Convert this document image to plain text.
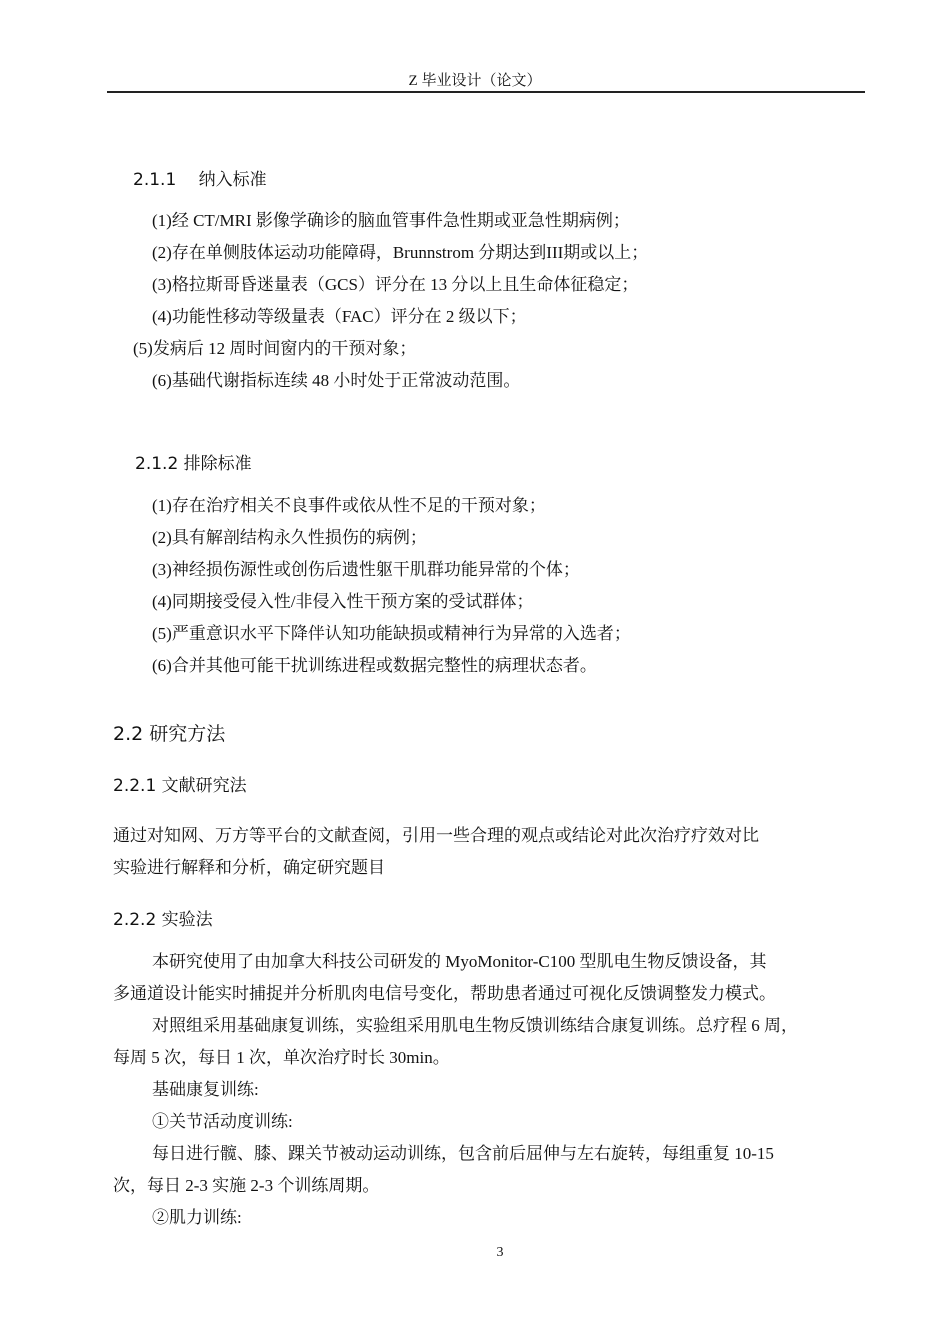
Z 毕业设计（论文）
2.1.1　 纳入标准
(1)经 CT/MRI 影像学确诊的脑血管事件急性期或亚急性期病例；
(2)存在单侧肢体运动功能障碍，Brunnstrom 分期达到III期或以上；
(3)格拉斯哥昏迷量表（GCS）评分在 13 分以上且生命体征稳定；
(4)功能性移动等级量表（FAC）评分在 2 级以下；
(5)发病后 12 周时间窗内的干预对象；
(6)基础代谢指标连续 48 小时处于正常波动范围。
2.1.2 排除标准
(1)存在治疗相关不良事件或依从性不足的干预对象；
(2)具有解剖结构永久性损伤的病例；
(3)神经损伤源性或创伤后遗性躯干肌群功能异常的个体；
(4)同期接受侵入性/非侵入性干预方案的受试群体；
(5)严重意识水平下降伴认知功能缺损或精神行为异常的入选者；
(6)合并其他可能干扰训练进程或数据完整性的病理状态者。
2.2 研究方法
2.2.1 文献研究法
通过对知网、万方等平台的文献查阅，引用一些合理的观点或结论对此次治疗疗效对比
实验进行解释和分析，确定研究题目
2.2.2 实验法
本研究使用了由加拿大科技公司研发的 MyoMonitor-C100 型肌电生物反馈设备，其
多通道设计能实时捕捉并分析肌肉电信号变化，帮助患者通过可视化反馈调整发力模式。
对照组采用基础康复训练，实验组采用肌电生物反馈训练结合康复训练。总疗程 6 周，
每周 5 次，每日 1 次，单次治疗时长 30min。
基础康复训练:
①关节活动度训练:
每日进行髋、膝、踝关节被动运动训练，包含前后屈伸与左右旋转，每组重复 10-15
次，每日 2-3 实施 2-3 个训练周期。
②肌力训练:
3
